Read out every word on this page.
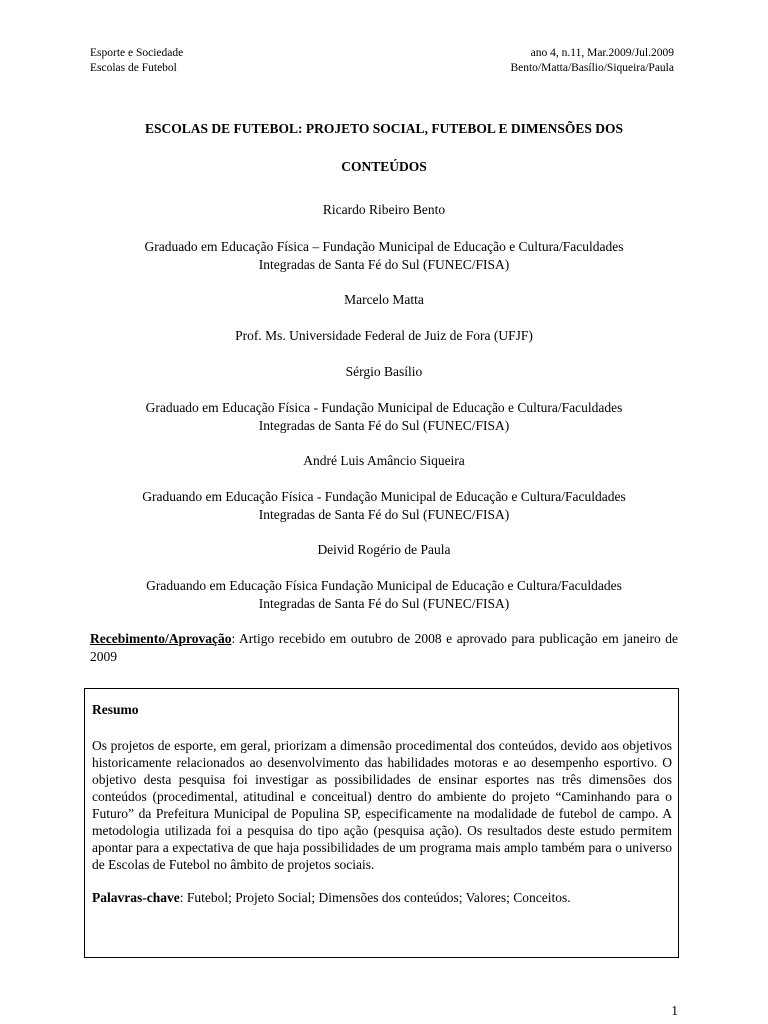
Esporte e Sociedade
Escolas de Futebol
ano 4, n.11, Mar.2009/Jul.2009
Bento/Matta/Basílio/Siqueira/Paula
ESCOLAS DE FUTEBOL: PROJETO SOCIAL, FUTEBOL E DIMENSÕES DOS
CONTEÚDOS
Ricardo Ribeiro Bento
Graduado em Educação Física – Fundação Municipal de Educação e Cultura/Faculdades
Integradas de Santa Fé do Sul (FUNEC/FISA)
Marcelo Matta
Prof. Ms. Universidade Federal de Juiz de Fora (UFJF)
Sérgio Basílio
Graduado em Educação Física - Fundação Municipal de Educação e Cultura/Faculdades
Integradas de Santa Fé do Sul (FUNEC/FISA)
André Luis Amâncio Siqueira
Graduando em Educação Física - Fundação Municipal de Educação e Cultura/Faculdades
Integradas de Santa Fé do Sul (FUNEC/FISA)
Deivid Rogério de Paula
Graduando em Educação Física Fundação Municipal de Educação e Cultura/Faculdades
Integradas de Santa Fé do Sul (FUNEC/FISA)
Recebimento/Aprovação: Artigo recebido em outubro de 2008 e aprovado para publicação em janeiro de 2009
Resumo
Os projetos de esporte, em geral, priorizam a dimensão procedimental dos conteúdos, devido aos objetivos historicamente relacionados ao desenvolvimento das habilidades motoras e ao desempenho esportivo. O objetivo desta pesquisa foi investigar as possibilidades de ensinar esportes nas três dimensões dos conteúdos (procedimental, atitudinal e conceitual) dentro do ambiente do projeto “Caminhando para o Futuro” da Prefeitura Municipal de Populina SP, especificamente na modalidade de futebol de campo. A metodologia utilizada foi a pesquisa do tipo ação (pesquisa ação). Os resultados deste estudo permitem apontar para a expectativa de que haja possibilidades de um programa mais amplo também para o universo de Escolas de Futebol no âmbito de projetos sociais.
Palavras-chave: Futebol; Projeto Social; Dimensões dos conteúdos; Valores; Conceitos.
1
